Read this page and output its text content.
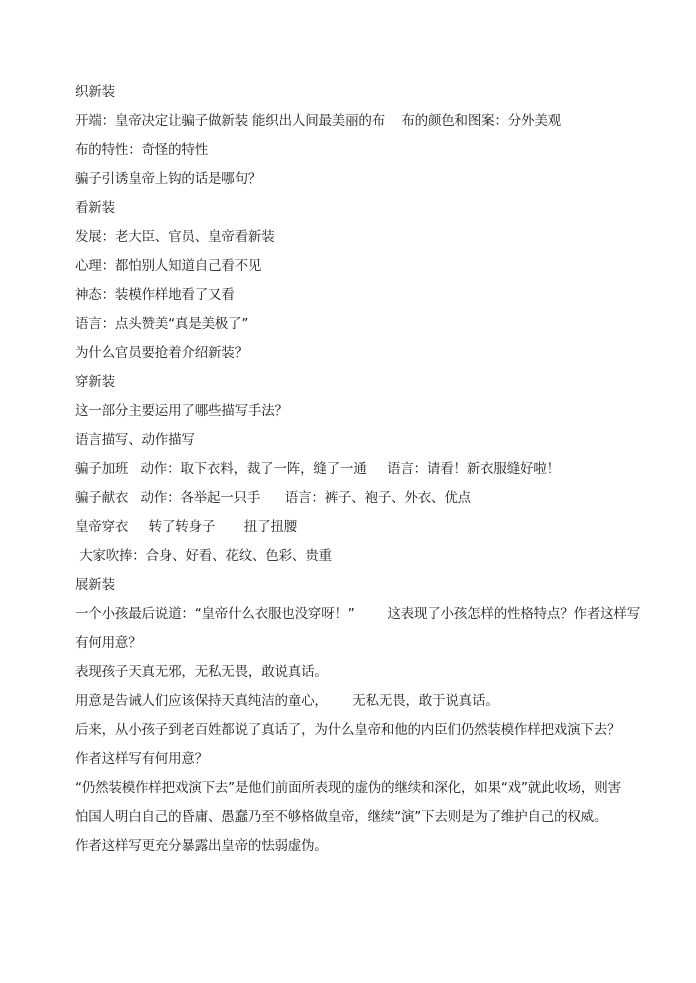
织新装
开端：皇帝决定让骗子做新装 能织出人间最美丽的布    布的颜色和图案：分外美观
布的特性：奇怪的特性
骗子引诱皇帝上钩的话是哪句？
看新装
发展：老大臣、官员、皇帝看新装
心理：都怕别人知道自己看不见
神态：装模作样地看了又看
语言：点头赞美“真是美极了”
为什么官员要抢着介绍新装？
穿新装
这一部分主要运用了哪些描写手法？
语言描写、动作描写
骗子加班   动作：取下衣料，裁了一阵，缝了一通     语言：请看！新衣服缝好啦！
骗子献衣   动作：各举起一只手      语言：裤子、袍子、外衣、优点
皇帝穿衣     转了转身子       扭了扭腰
大家吹捧：合身、好看、花纹、色彩、贵重
展新装
一个小孩最后说道：“皇帝什么衣服也没穿呀！”        这表现了小孩怎样的性格特点？作者这样写
有何用意？
表现孩子天真无邪，无私无畏，敢说真话。
用意是告诫人们应该保持天真纯洁的童心，      无私无畏，敢于说真话。
后来，从小孩子到老百姓都说了真话了，为什么皇帝和他的内臣们仍然装模作样把戏演下去？
作者这样写有何用意？
“仍然装模作样把戏演下去”是他们前面所表现的虚伪的继续和深化，如果“戏”就此收场，则害
怕国人明白自己的昏庸、愚蠢乃至不够格做皇帝，继续“演”下去则是为了维护自己的权威。
作者这样写更充分暴露出皇帝的怯弱虚伪。
